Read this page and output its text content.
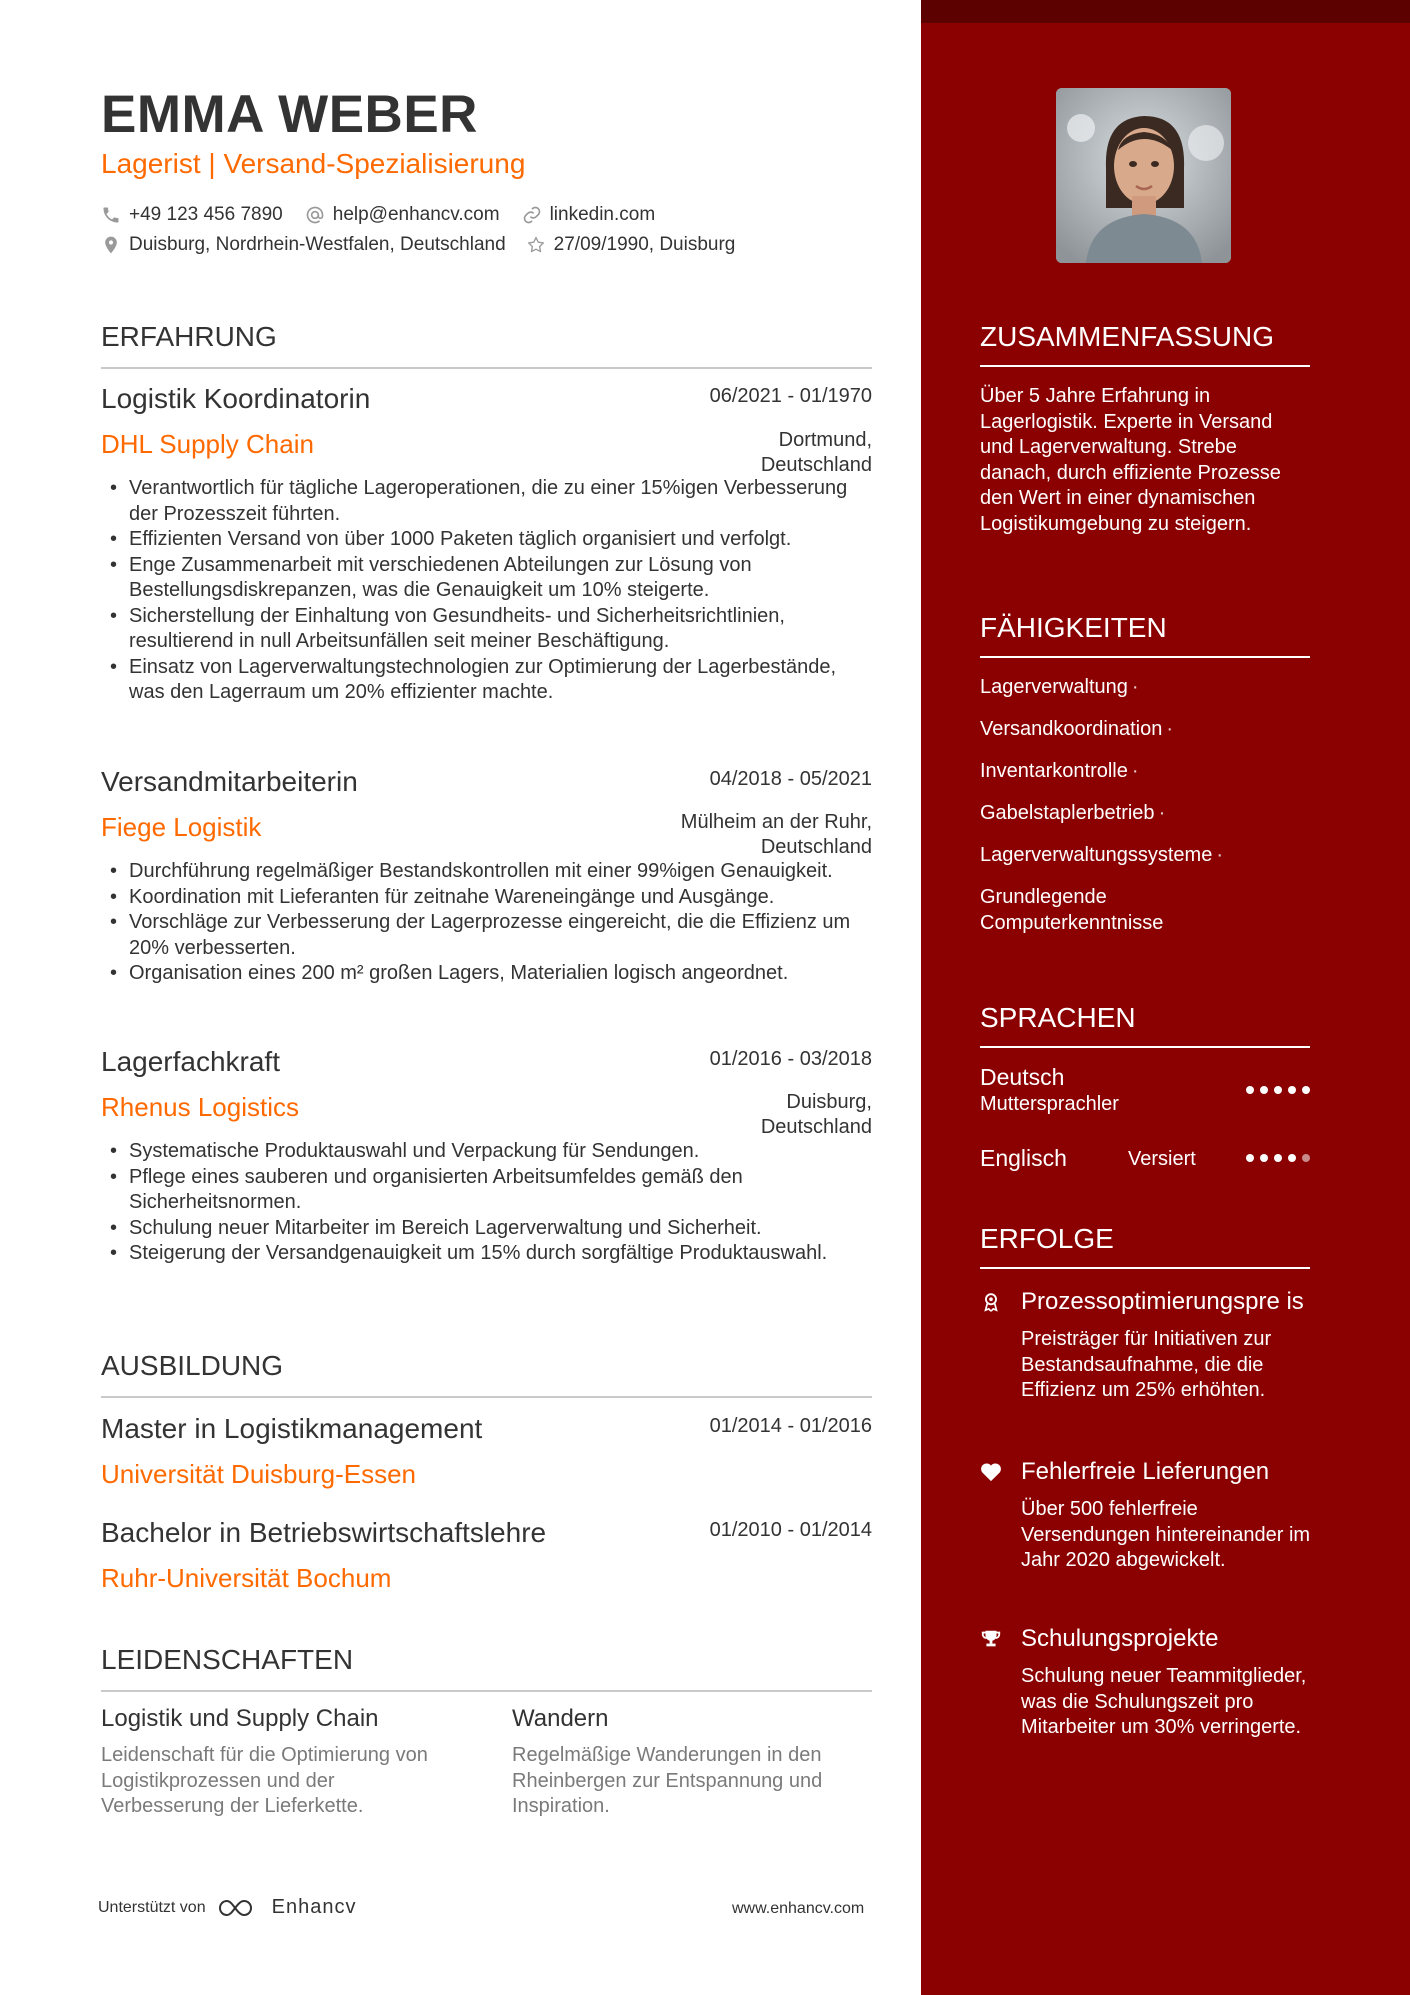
EMMA WEBER
Lagerist | Versand-Spezialisierung
+49 123 456 7890	help@enhancv.com	linkedin.com
Duisburg, Nordrhein-Westfalen, Deutschland	27/09/1990, Duisburg
ERFAHRUNG
Logistik Koordinatorin	06/2021 - 01/1970
DHL Supply Chain	Dortmund,
Deutschland
• Verantwortlich für tägliche Lageroperationen, die zu einer 15%igen Verbesserung der Prozesszeit führten.
• Effizienten Versand von über 1000 Paketen täglich organisiert und verfolgt.
• Enge Zusammenarbeit mit verschiedenen Abteilungen zur Lösung von Bestellungsdiskrepanzen, was die Genauigkeit um 10% steigerte.
• Sicherstellung der Einhaltung von Gesundheits- und Sicherheitsrichtlinien, resultierend in null Arbeitsunfällen seit meiner Beschäftigung.
• Einsatz von Lagerverwaltungstechnologien zur Optimierung der Lagerbestände, was den Lagerraum um 20% effizienter machte.
Versandmitarbeiterin	04/2018 - 05/2021
Fiege Logistik	Mülheim an der Ruhr,
Deutschland
• Durchführung regelmäßiger Bestandskontrollen mit einer 99%igen Genauigkeit.
• Koordination mit Lieferanten für zeitnahe Wareneingänge und Ausgänge.
• Vorschläge zur Verbesserung der Lagerprozesse eingereicht, die die Effizienz um 20% verbesserten.
• Organisation eines 200 m² großen Lagers, Materialien logisch angeordnet.
Lagerfachkraft	01/2016 - 03/2018
Rhenus Logistics	Duisburg,
Deutschland
• Systematische Produktauswahl und Verpackung für Sendungen.
• Pflege eines sauberen und organisierten Arbeitsumfeldes gemäß den Sicherheitsnormen.
• Schulung neuer Mitarbeiter im Bereich Lagerverwaltung und Sicherheit.
• Steigerung der Versandgenauigkeit um 15% durch sorgfältige Produktauswahl.
AUSBILDUNG
Master in Logistikmanagement	01/2014 - 01/2016
Universität Duisburg-Essen
Bachelor in Betriebswirtschaftslehre	01/2010 - 01/2014
Ruhr-Universität Bochum
LEIDENSCHAFTEN
Logistik und Supply Chain
Leidenschaft für die Optimierung von Logistikprozessen und der Verbesserung der Lieferkette.
Wandern
Regelmäßige Wanderungen in den Rheinbergen zur Entspannung und Inspiration.
Unterstützt von	Enhancv	www.enhancv.com
ZUSAMMENFASSUNG
Über 5 Jahre Erfahrung in Lagerlogistik. Experte in Versand und Lagerverwaltung. Strebe danach, durch effiziente Prozesse den Wert in einer dynamischen Logistikumgebung zu steigern.
FÄHIGKEITEN
Lagerverwaltung ·
Versandkoordination ·
Inventarkontrolle ·
Gabelstaplerbetrieb ·
Lagerverwaltungssysteme ·
Grundlegende Computerkenntnisse
SPRACHEN
Deutsch
Muttersprachler
Englisch	Versiert
ERFOLGE
Prozessoptimierungspre is
Preisträger für Initiativen zur Bestandsaufnahme, die die Effizienz um 25% erhöhten.
Fehlerfreie Lieferungen
Über 500 fehlerfreie Versendungen hintereinander im Jahr 2020 abgewickelt.
Schulungsprojekte
Schulung neuer Teammitglieder, was die Schulungszeit pro Mitarbeiter um 30% verringerte.
